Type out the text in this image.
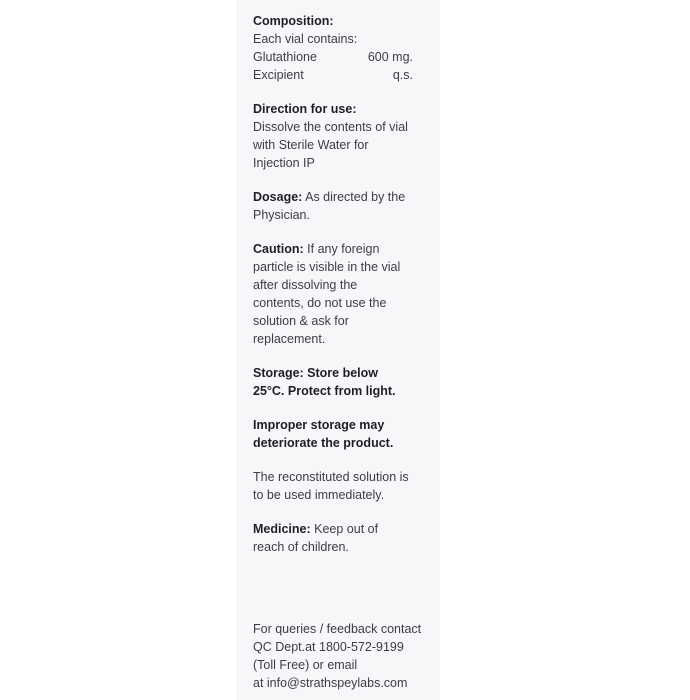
Composition:
Each vial contains:
Glutathione	600 mg.
Excipient	q.s.
Direction for use:
Dissolve the contents of vial
with Sterile Water for
Injection IP
Dosage: As directed by the
Physician.
Caution: If any foreign
particle is visible in the vial
after dissolving the
contents, do not use the
solution & ask for
replacement.
Storage: Store below
25°C. Protect from light.
Improper storage may
deteriorate the product.
The reconstituted solution is
to be used immediately.
Medicine: Keep out of
reach of children.
For queries / feedback contact
QC Dept.at 1800-572-9199
(Toll Free) or email
at info@strathspeylabs.com
